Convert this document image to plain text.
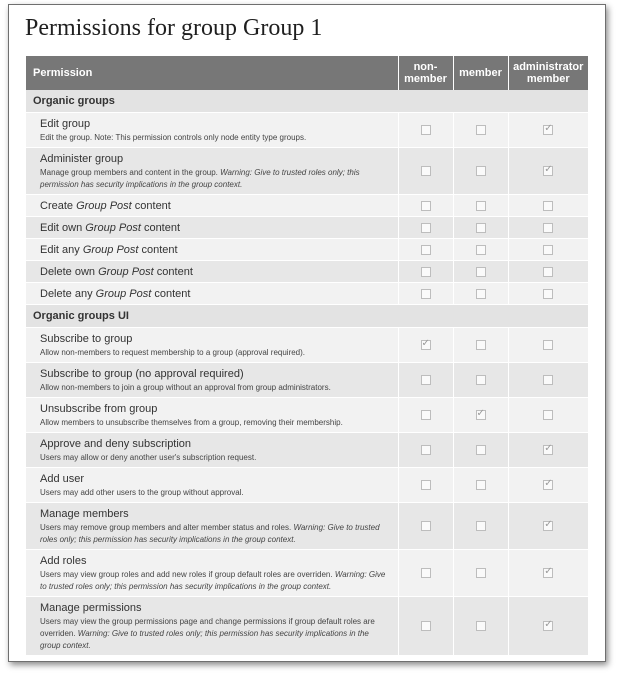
Permissions for group Group 1
Permission	non-member	member	administrator member
Organic groups			

Edit group
Edit the group. Note: This permission controls only node entity type groups.
			✓

Administer group
Manage group members and content in the group. Warning: Give to trusted roles only; this permission has security implications in the group context.
			✓

Create Group Post content			

Edit own Group Post content			

Edit any Group Post content			

Delete own Group Post content			

Delete any Group Post content			

Organic groups UI			

Subscribe to group
Allow non-members to request membership to a group (approval required).
	✓		

Subscribe to group (no approval required)
Allow non-members to join a group without an approval from group administrators.			

Unsubscribe from group
Allow members to unsubscribe themselves from a group, removing their membership.
		✓	

Approve and deny subscription
Users may allow or deny another user's subscription request.
			✓

Add user
Users may add other users to the group without approval.
			✓

Manage members
Users may remove group members and alter member status and roles. Warning: Give to trusted roles only; this permission has security implications in the group context.
			✓

Add roles
Users may view group roles and add new roles if group default roles are overriden. Warning: Give to trusted roles only; this permission has security implications in the group context.
			✓

Manage permissions
Users may view the group permissions page and change permissions if group default roles are overriden. Warning: Give to trusted roles only; this permission has security implications in the group context.
			✓
